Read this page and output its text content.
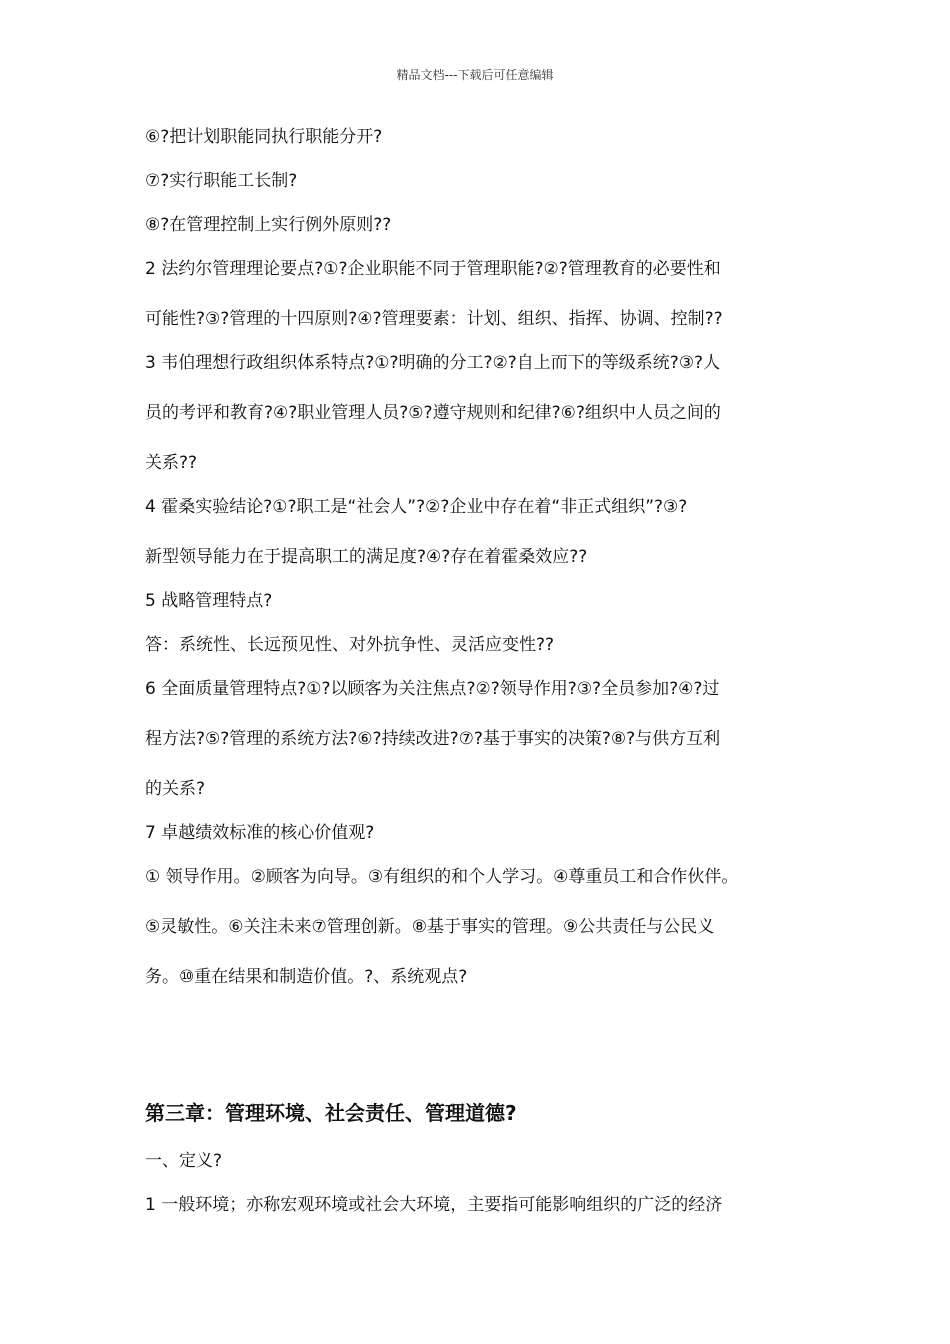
精品文档---下载后可任意编辑
⑥?把计划职能同执行职能分开?
⑦?实行职能工长制?
⑧?在管理控制上实行例外原则??
2 法约尔管理理论要点?①?企业职能不同于管理职能?②?管理教育的必要性和
可能性?③?管理的十四原则?④?管理要素：计划、组织、指挥、协调、控制??
3 韦伯理想行政组织体系特点?①?明确的分工?②?自上而下的等级系统?③?人
员的考评和教育?④?职业管理人员?⑤?遵守规则和纪律?⑥?组织中人员之间的
关系??
4 霍桑实验结论?①?职工是“社会人”?②?企业中存在着“非正式组织”?③?
新型领导能力在于提高职工的满足度?④?存在着霍桑效应??
5 战略管理特点?
答：系统性、长远预见性、对外抗争性、灵活应变性??
6 全面质量管理特点?①?以顾客为关注焦点?②?领导作用?③?全员参加?④?过
程方法?⑤?管理的系统方法?⑥?持续改进?⑦?基于事实的决策?⑧?与供方互利
的关系?
7 卓越绩效标准的核心价值观?
① 领导作用。②顾客为向导。③有组织的和个人学习。④尊重员工和合作伙伴。
⑤灵敏性。⑥关注未来⑦管理创新。⑧基于事实的管理。⑨公共责任与公民义
务。⑩重在结果和制造价值。?、系统观点?
第三章：管理环境、社会责任、管理道德?
一、定义?
1 一般环境；亦称宏观环境或社会大环境，主要指可能影响组织的广泛的经济
